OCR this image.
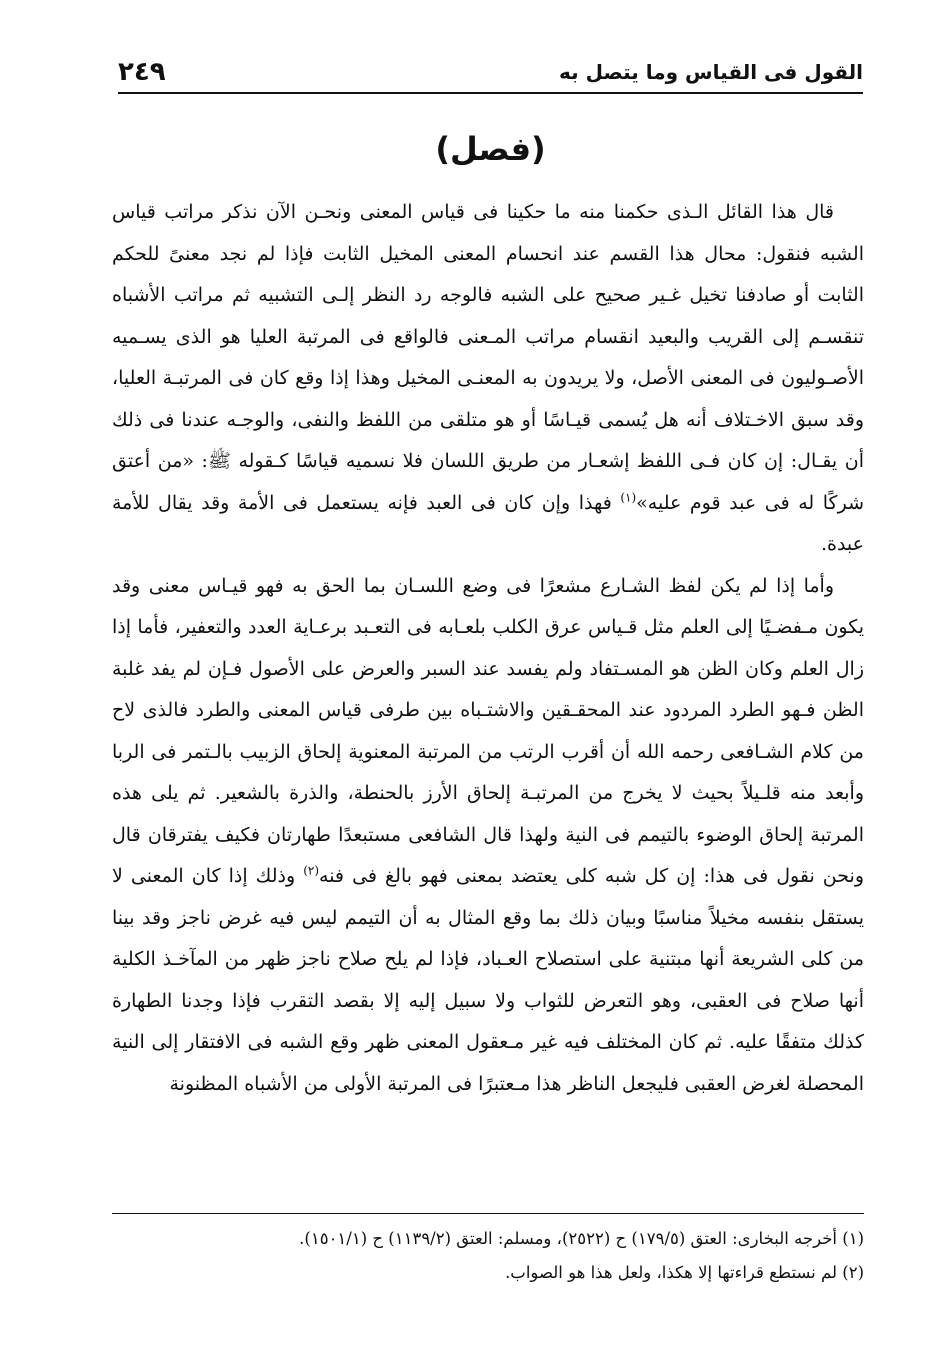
القول فى القياس وما يتصل به
٢٤٩
(فصل)

قال هذا القائل الـذى حكمنا منه ما حكينا فى قياس المعنى ونحـن الآن نذكر مراتب قياس الشبه فنقول: محال هذا القسم عند انحسام المعنى المخيل الثابت فإذا لم نجد معنىً للحكم الثابت أو صادفنا تخيل غـير صحيح على الشبه فالوجه رد النظر إلـى التشبيه ثم مراتب الأشباه تنقسـم إلى القريب والبعيد انقسام مراتب المـعنى فالواقع فى المرتبة العليا هو الذى يسـميه الأصـوليون فى المعنى الأصل، ولا يريدون به المعنـى المخيل وهذا إذا وقع كان فى المرتبـة العليا، وقد سبق الاخـتلاف أنه هل يُسمى قيـاسًا أو هو متلقى من اللفظ والنفى، والوجـه عندنا فى ذلك أن يقـال: إن كان فـى اللفظ إشعـار من طريق اللسان فلا نسميه قياسًا كـقوله ﷺ: «من أعتق شركًا له فى عبد قوم عليه»$^{(١)}$ فهذا وإن كان فى العبد فإنه يستعمل فى الأمة وقد يقال للأمة عبدة.

وأما إذا لم يكن لفظ الشـارع مشعرًا فى وضع اللسـان بما الحق به فهو قيـاس معنى وقد يكون مـفضـيًا إلى العلم مثل قـياس عرق الكلب بلعـابه فى التعـبد برعـاية العدد والتعفير، فأما إذا زال العلم وكان الظن هو المسـتفاد ولم يفسد عند السبر والعرض على الأصول فـإن لم يفد غلبة الظن فـهو الطرد المردود عند المحقـقين والاشتـباه بين طرفى قياس المعنى والطرد فالذى لاح من كلام الشـافعى رحمه الله أن أقرب الرتب من المرتبة المعنوية إلحاق الزبيب بالـتمر فى الربا وأبعد منه قلـيلاً بحيث لا يخرج من المرتبـة إلحاق الأرز بالحنطة، والذرة بالشعير. ثم يلى هذه المرتبة إلحاق الوضوء بالتيمم فى النية ولهذا قال الشافعى مستبعدًا طهارتان فكيف يفترقان قال ونحن نقول فى هذا: إن كل شبه كلى يعتضد بمعنى فهو بالغ فى فنه$^{(٢)}$ وذلك إذا كان المعنى لا يستقل بنفسه مخيلاً مناسبًا وبيان ذلك بما وقع المثال به أن التيمم ليس فيه غرض ناجز وقد بينا من كلى الشريعة أنها مبتنية على استصلاح العـباد، فإذا لم يلح صلاح ناجز ظهر من المآخـذ الكلية أنها صلاح فى العقبى، وهو التعرض للثواب ولا سبيل إليه إلا بقصد التقرب فإذا وجدنا الطهارة كذلك متفقًا عليه. ثم كان المختلف فيه غير مـعقول المعنى ظهر وقع الشبه فى الافتقار إلى النية المحصلة لغرض العقبى فليجعل الناظر هذا مـعتبرًا فى المرتبة الأولى من الأشباه المظنونة

(١) أخرجه البخارى: العتق (١٧٩/٥) ح (٢٥٢٢)، ومسلم: العتق (١١٣٩/٢) ح (١٥٠١/١).

(٢) لم نستطع قراءتها إلا هكذا، ولعل هذا هو الصواب.
